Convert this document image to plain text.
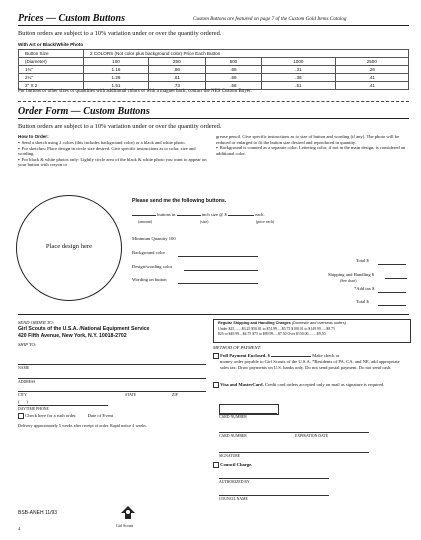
Prices — Custom Buttons	Custom Buttons are featured on page 7 of the Custom Gold Items Catalog
Button orders are subject to a 10% variation under or over the quantity ordered.
With Art or Black/White Photo
Button Size	2 COLORS (Not color plus background color) Price Each Button				
(Diameter)	100	250	500	1000	2500
1¾"	1.16	.86	.65	.31	.26
2¼"	1.26	.61	.59	.36	.41
2" X 2	1.51	.73	.56	.51	.41
For buttons or other sizes or quantities with additional colors or with a magnet back, contact the NES Custom Buyer.
Order Form — Custom Buttons
Button orders are subject to a 10% variation under or over the quantity ordered.
How to Order:
▪ Send a sketch using 2 colors (this includes background color) or a black and white photo.
▪ For sketches: Place design in circle size desired. Give specific instructions as to color, size and wording.
▪ For black & white photos only: Lightly circle area of the black & white photo you want to appear on your button with crayon or
grease pencil. Give specific instructions as to size of button and wording (if any). The photo will be reduced or enlarged to fit the button size desired and reproduced in quantity.
▪ Background is counted as a separate color. Lettering color, if not in the main design, is considered an additional color.
Place design here
Please send me the following buttons.
buttons in	inch size @ $	each.
(amount)	(size)	(price each)
Minimum Quantity 100
Background color
Design/wording color
Wording on button
Total $
Shipping and Handling $
(See chart)
*Add tax $
Total $
SEND ORDER TO:
Girl Scouts of the U.S.A. /National Equipment Service
420 Fifth Avenue, New York, N.Y. 10018-2702
SHIP TO:
NAME
ADDRESS
CITY	STATE	ZIP
(      )
DAYTIME PHONE
Check here for a rush order. Date of Event
Delivery approximately 5 weeks after receipt of order. Rapid notice 4 weeks.
Girl Scouts
BSB-ANEH 11/93
4
Regular Shipping and Handling Charges (Domestic and overseas orders)
Under $25........$3.25 $50.01 to $74.99.....$5.75 $100.01 to $149.99......$8.75
$25 to $49.99....$4.75 $75 to $99.99.....$7.50 Over $150.00.........$9.50
METHOD OF PAYMENT:
Full Payment Enclosed. $	Make check or
money order payable to Girl Scouts of the U.S.A. *Residents of PA, CA, and NE, add appropriate sales tax. Draw payments on U.S. banks only. Do not send postal payment. Do not send cash.
Visa and MasterCard. Credit card orders accepted only on mail as signature is required.
CARD NUMBER
CARD NUMBER	EXPIRATION DATE
SIGNATURE
Council Charge.
AUTHORIZED BY
COUNCIL NAME
